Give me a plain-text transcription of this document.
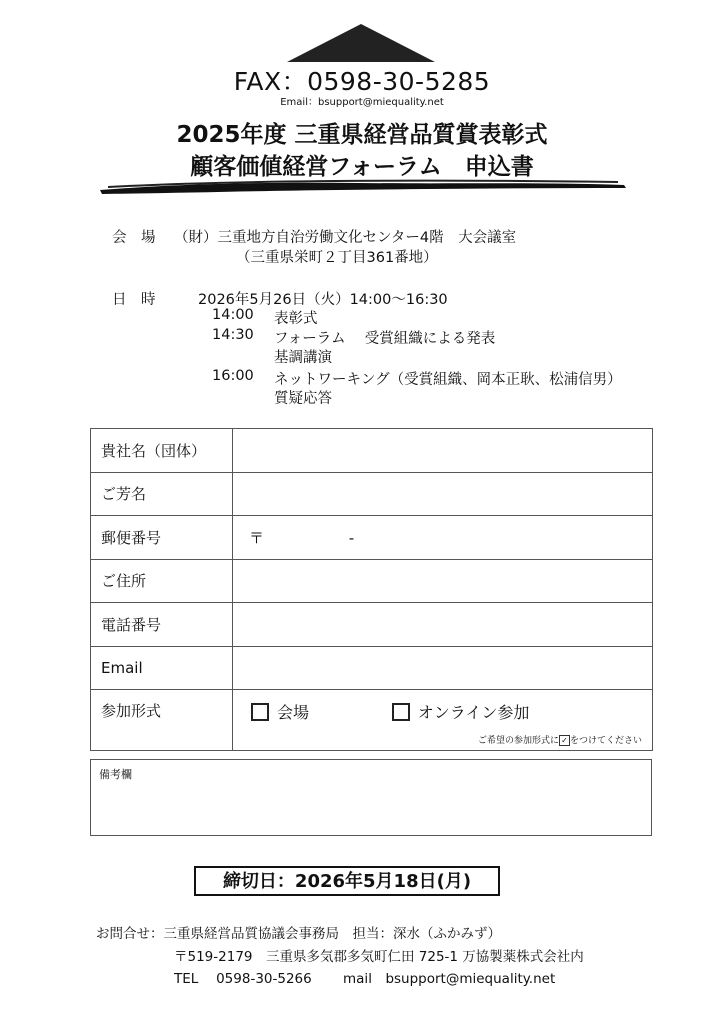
FAX：0598-30-5285
Email：bsupport@miequality.net
2025年度 三重県経営品質賞表彰式
顧客価値経営フォーラム　申込書
会　場 （財）三重地方自治労働文化センター4階　大会議室
（三重県栄町２丁目361番地）
日　時	2026年5月26日（火）14:00～16:30
14:00 表彰式
14:30 フォーラム　 受賞組織による発表
基調講演
16:00 ネットワーキング（受賞組織、岡本正耿、松浦信男）
質疑応答
貴社名（団体）	
ご芳名	
郵便番号	〒 -
ご住所	
電話番号	
Email	
参加形式	会場
オンライン参加
ご希望の参加形式に ✓ をつけてください
備考欄
締切日：2026年5月18日(月)
お問合せ：三重県経営品質協議会事務局　担当：深水（ふかみず）
〒519-2179　三重県多気郡多気町仁田 725-1 万協製薬株式会社内
TEL　 0598-30-5266　　 mail　bsupport@miequality.net
